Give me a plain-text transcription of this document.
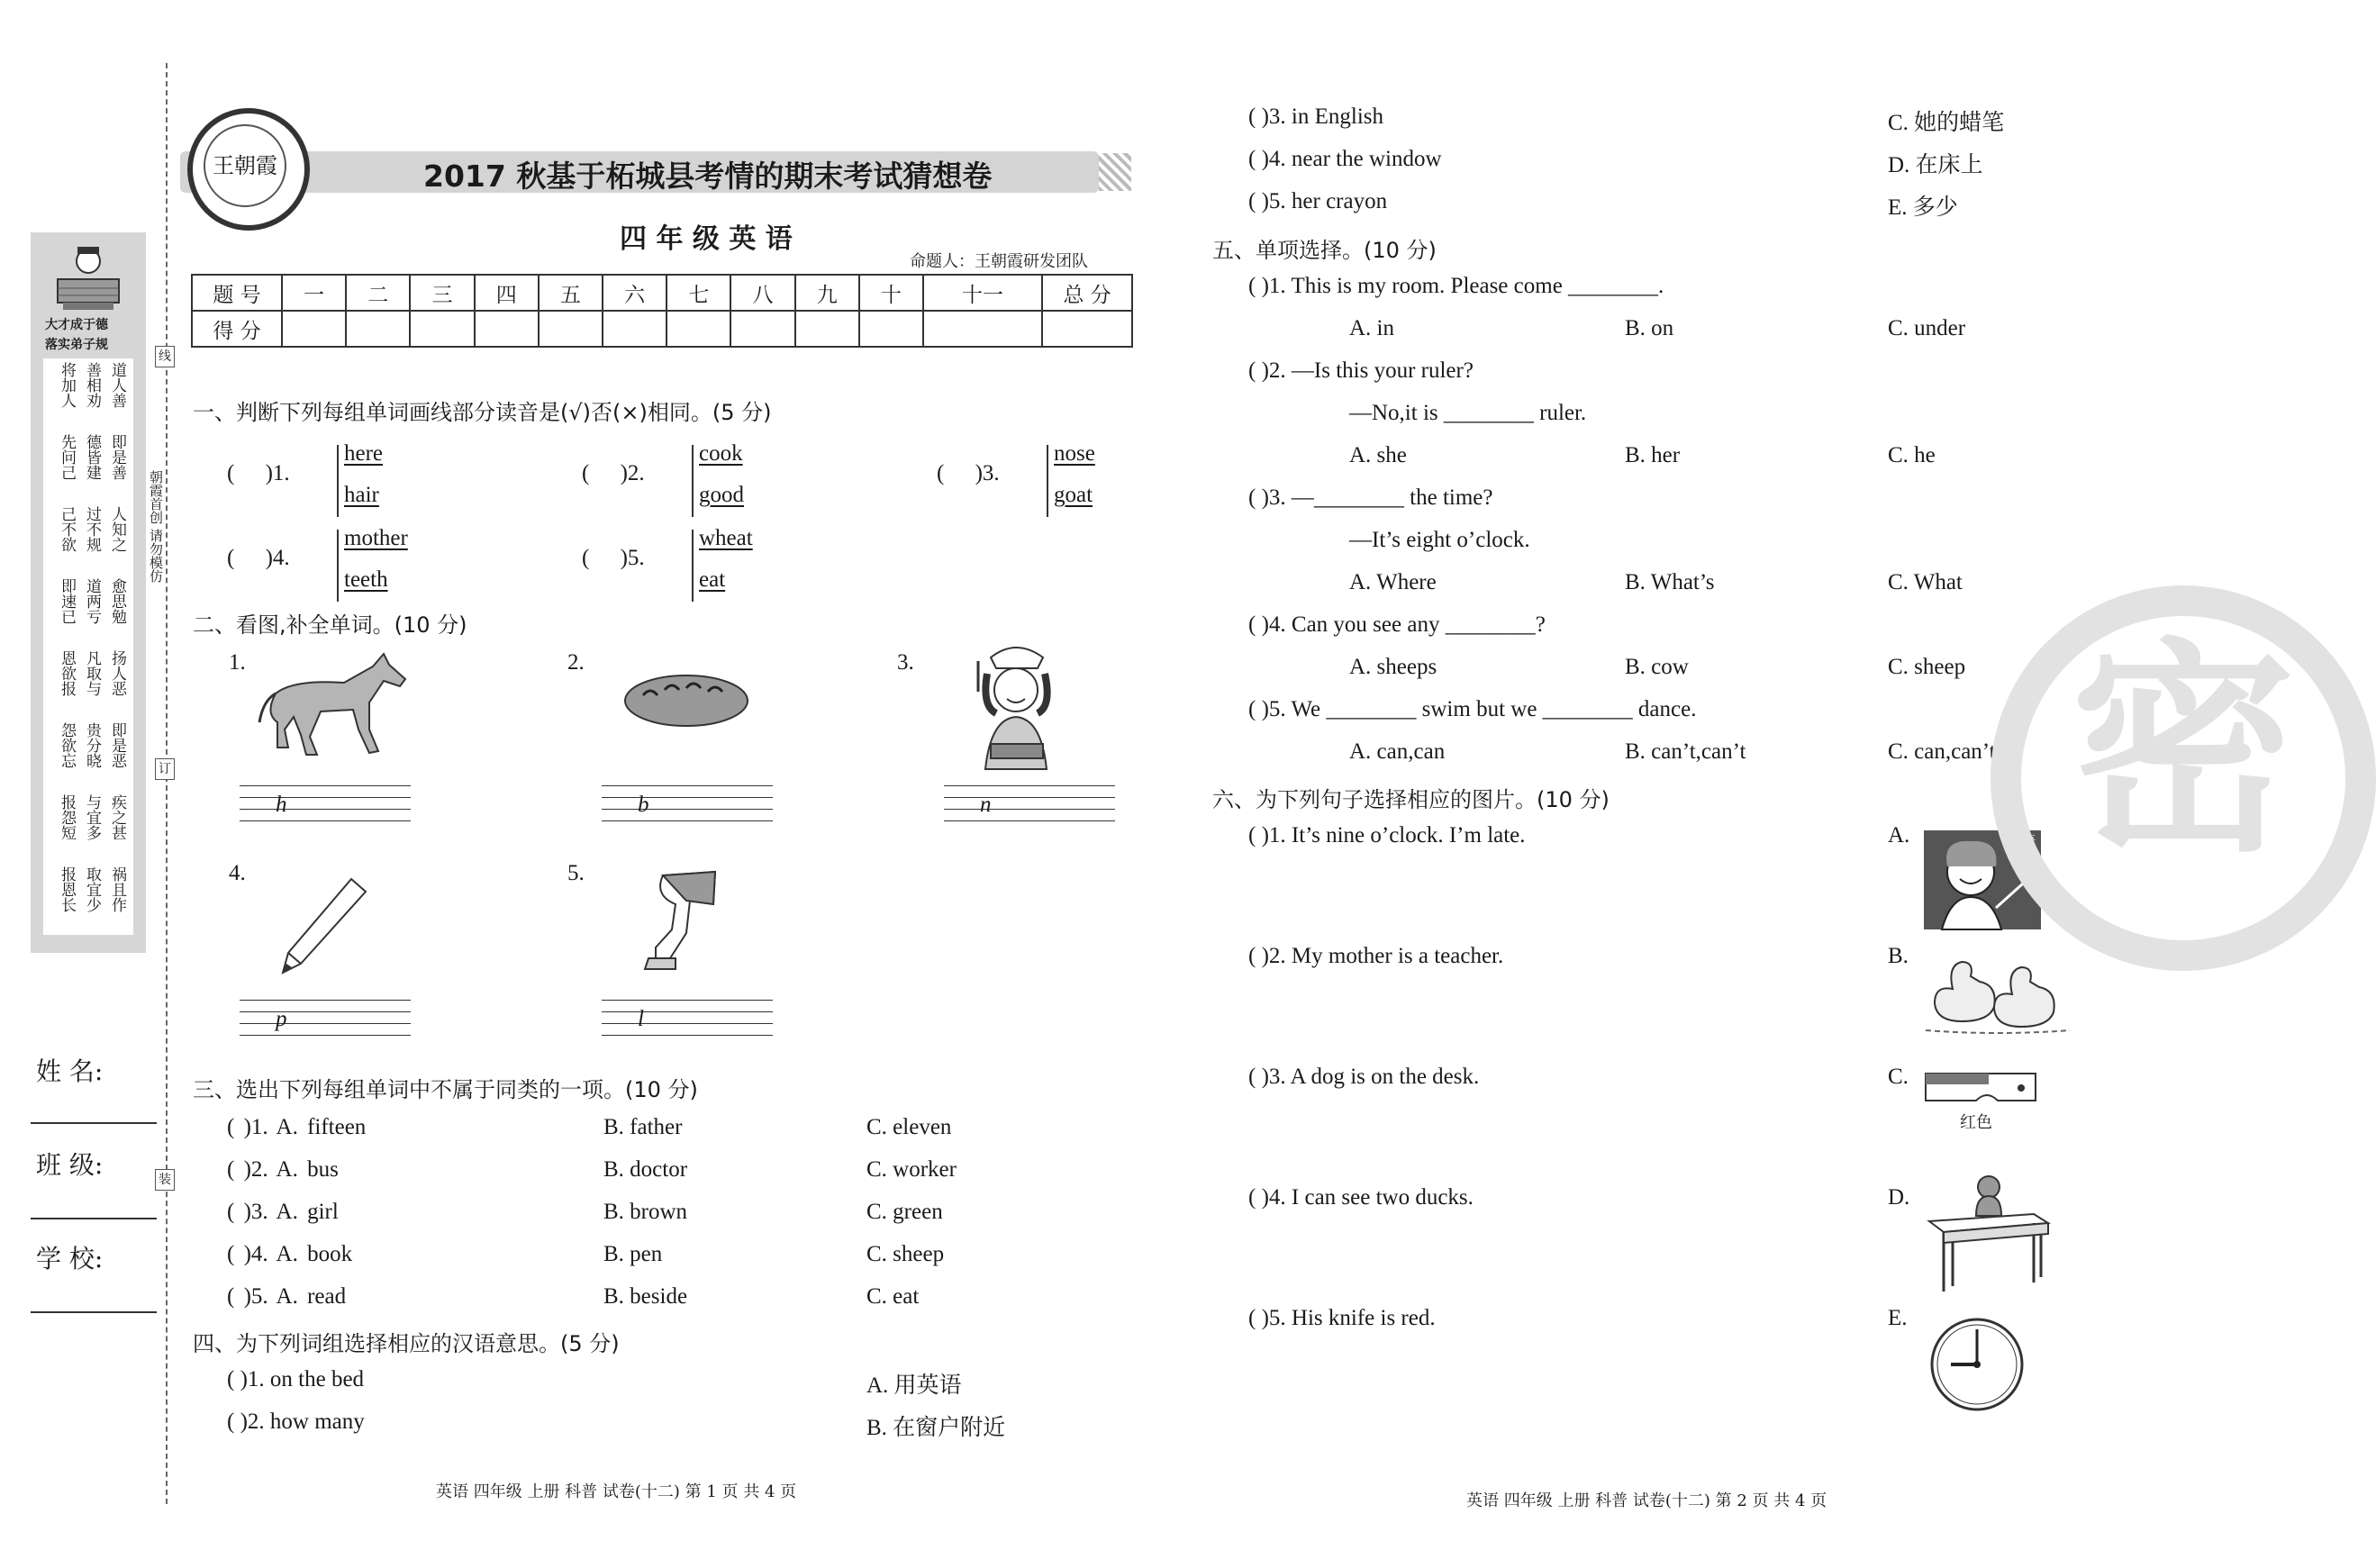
大才成于德
落实弟子规
道人善
善相劝
将加人
即是善
德皆建
先问己
人知之
过不规
己不欲
愈思勉
道两亏
即速已
扬人恶
凡取与
恩欲报
即是恶
贵分晓
怨欲忘
疾之甚
与宜多
报怨短
祸且作
取宜少
报恩长
线
订
装
朝霞首创 请勿模仿
姓 名:
班 级:
学 校:
王朝霞	2017 秋基于柘城县考情的期末考试猜想卷
四 年 级 英 语
命题人：王朝霞研发团队
题 号	一	二	三	四	五	六	七	八	九	十	十一	总 分
得 分												
一、判断下列每组单词画线部分读音是(√)否(×)相同。(5 分)
( )1.
here
hair
( )2.
cook
good
( )3.
nose
goat
( )4.
mother
teeth
( )5.
wheat
eat
二、看图,补全单词。(10 分)
1.
h
2.
b
3.
n
4.
p
5.
l
三、选出下列每组单词中不属于同类的一项。(10 分)
( )1. A. fifteen	B. father	C. eleven
( )2. A. bus	B. doctor	C. worker
( )3. A. girl	B. brown	C. green
( )4. A. book	B. pen	C. sheep
( )5. A. read	B. beside	C. eat
四、为下列词组选择相应的汉语意思。(5 分)
( )1. on the bed	A. 用英语
( )2. how many	B. 在窗户附近
( )3. in English	C. 她的蜡笔
( )4. near the window	D. 在床上
( )5. her crayon	E. 多少
五、单项选择。(10 分)
( )1. This is my room. Please come ________.
A. in	B. on	C. under
( )2. —Is this your ruler?
—No,it is ________ ruler.
A. she	B. her	C. he
( )3. —________ the time?
—It’s eight o’clock.
A. Where	B. What’s	C. What
( )4. Can you see any ________?
A. sheeps	B. cow	C. sheep
( )5. We ________ swim but we ________ dance.
A. can,can	B. can’t,can’t	C. can,can’t
六、为下列句子选择相应的图片。(10 分)
( )1. It’s nine o’clock. I’m late.	A.
( )2. My mother is a teacher.	B.
( )3. A dog is on the desk.	C.
( )4. I can see two ducks.	D.
( )5. His knife is red.	E.
语文
红色
密
英语 四年级 上册 科普 试卷(十二) 第 1 页 共 4 页	英语 四年级 上册 科普 试卷(十二) 第 2 页 共 4 页
